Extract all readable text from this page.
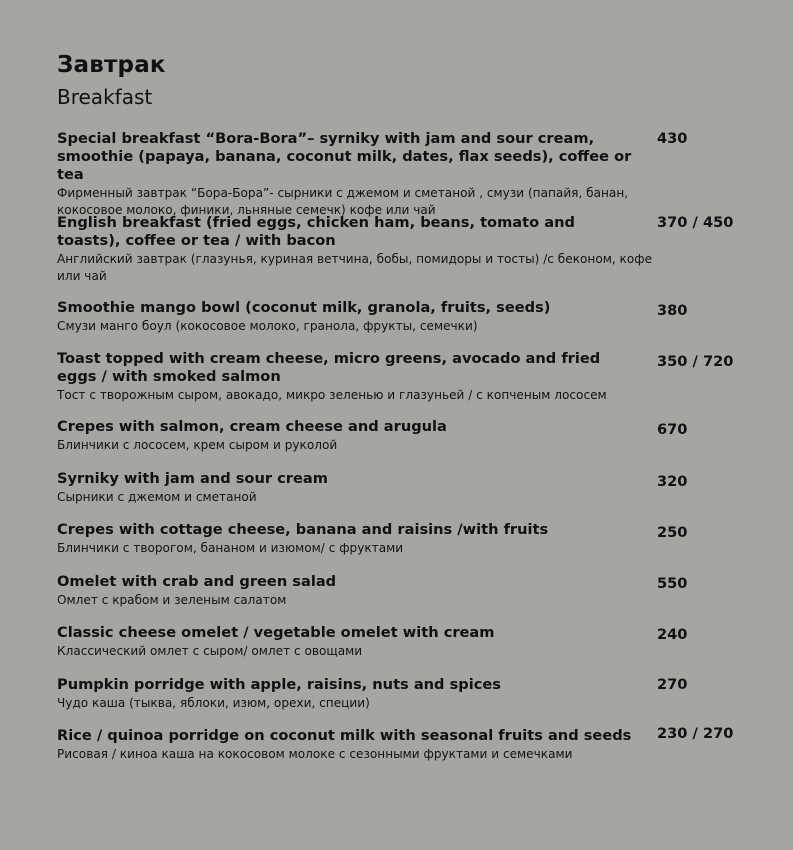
Завтрак
Breakfast
Special breakfast “Bora-Bora”– syrniky with jam and sour cream, smoothie (papaya, banana, coconut milk, dates, flax seeds), coffee or tea
Фирменный завтрак “Бора-Бора”- сырники с джемом и сметаной , смузи (папайя, банан, кокосовое молоко, финики, льняные семечк) кофе или чай
430
English breakfast (fried eggs, chicken ham, beans, tomato and toasts), coffee or tea / with bacon
Английский завтрак (глазунья, куриная ветчина, бобы, помидоры и тосты) /с беконом, кофе или чай
370 / 450
Smoothie mango bowl (coconut milk, granola, fruits, seeds)
Смузи манго боул (кокосовое молоко, гранола, фрукты, семечки)
380
Toast topped with cream cheese, micro greens, avocado and fried eggs / with smoked salmon
Тост с творожным сыром, авокадо, микро зеленью и глазуньей / с копченым лососем
350 / 720
Crepes with salmon, cream cheese and arugula
Блинчики с лососем, крем сыром и руколой
670
Syrniky with jam and sour cream
Сырники с джемом и сметаной
320
Crepes with cottage cheese, banana and raisins /with fruits
Блинчики с творогом, бананом и изюмом/ с фруктами
250
Omelet with crab and green salad
Омлет с крабом и зеленым салатом
550
Classic cheese omelet / vegetable omelet with cream
Классический омлет с сыром/ омлет с овощами
240
Pumpkin porridge with apple, raisins, nuts and spices
Чудо каша (тыква, яблоки, изюм, орехи, специи)
270
Rice / quinoa porridge on coconut milk with seasonal fruits and seeds
Рисовая / киноа каша на кокосовом молоке с сезонными фруктами и семечками
230 / 270
